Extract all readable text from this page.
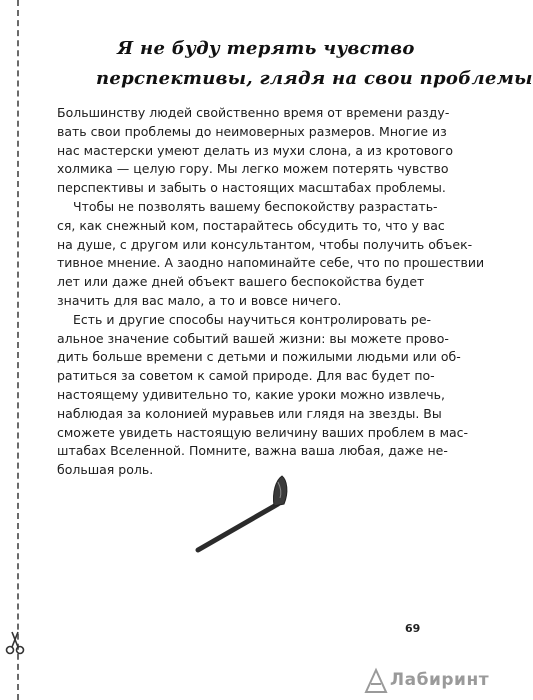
Я не буду терять чувство
перспективы, глядя на свои проблемы
Большинству людей свойственно время от времени разду-
вать свои проблемы до неимоверных размеров. Многие из
нас мастерски умеют делать из мухи слона, а из кротового
холмика — целую гору. Мы легко можем потерять чувство
перспективы и забыть о настоящих масштабах проблемы.
Чтобы не позволять вашему беспокойству разрастать-
ся, как снежный ком, постарайтесь обсудить то, что у вас
на душе, с другом или консультантом, чтобы получить объек-
тивное мнение. А заодно напоминайте себе, что по прошествии
лет или даже дней объект вашего беспокойства будет
значить для вас мало, а то и вовсе ничего.
Есть и другие способы научиться контролировать ре-
альное значение событий вашей жизни: вы можете прово-
дить больше времени с детьми и пожилыми людьми или об-
ратиться за советом к самой природе. Для вас будет по-
настоящему удивительно то, какие уроки можно извлечь,
наблюдая за колонией муравьев или глядя на звезды. Вы
сможете увидеть настоящую величину ваших проблем в мас-
штабах Вселенной. Помните, важна ваша любая, даже не-
большая роль.
69
Лабиринт
